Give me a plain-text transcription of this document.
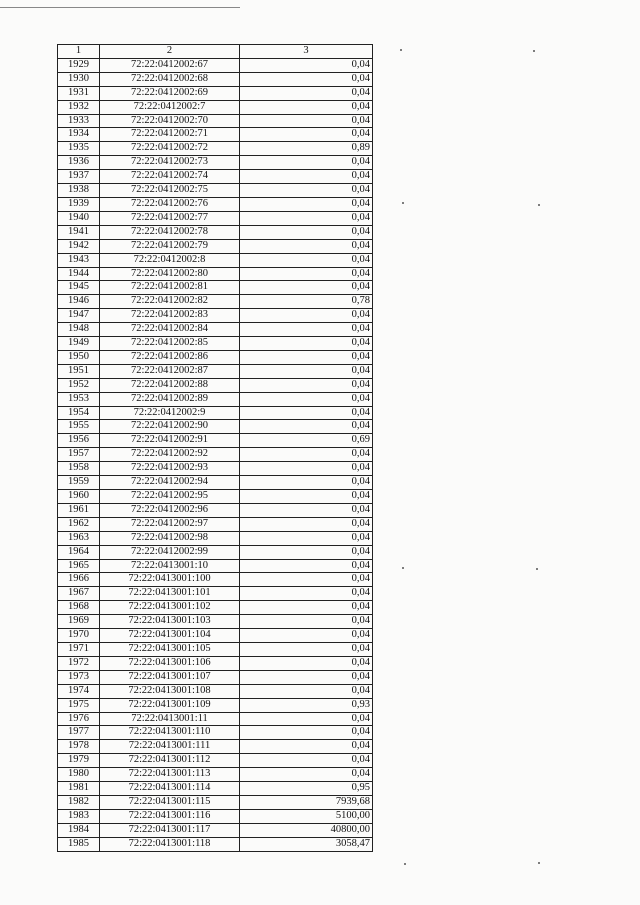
1	2	3
1929	72:22:0412002:67	0,04
1930	72:22:0412002:68	0,04
1931	72:22:0412002:69	0,04
1932	72:22:0412002:7	0,04
1933	72:22:0412002:70	0,04
1934	72:22:0412002:71	0,04
1935	72:22:0412002:72	0,89
1936	72:22:0412002:73	0,04
1937	72:22:0412002:74	0,04
1938	72:22:0412002:75	0,04
1939	72:22:0412002:76	0,04
1940	72:22:0412002:77	0,04
1941	72:22:0412002:78	0,04
1942	72:22:0412002:79	0,04
1943	72:22:0412002:8	0,04
1944	72:22:0412002:80	0,04
1945	72:22:0412002:81	0,04
1946	72:22:0412002:82	0,78
1947	72:22:0412002:83	0,04
1948	72:22:0412002:84	0,04
1949	72:22:0412002:85	0,04
1950	72:22:0412002:86	0,04
1951	72:22:0412002:87	0,04
1952	72:22:0412002:88	0,04
1953	72:22:0412002:89	0,04
1954	72:22:0412002:9	0,04
1955	72:22:0412002:90	0,04
1956	72:22:0412002:91	0,69
1957	72:22:0412002:92	0,04
1958	72:22:0412002:93	0,04
1959	72:22:0412002:94	0,04
1960	72:22:0412002:95	0,04
1961	72:22:0412002:96	0,04
1962	72:22:0412002:97	0,04
1963	72:22:0412002:98	0,04
1964	72:22:0412002:99	0,04
1965	72:22:0413001:10	0,04
1966	72:22:0413001:100	0,04
1967	72:22:0413001:101	0,04
1968	72:22:0413001:102	0,04
1969	72:22:0413001:103	0,04
1970	72:22:0413001:104	0,04
1971	72:22:0413001:105	0,04
1972	72:22:0413001:106	0,04
1973	72:22:0413001:107	0,04
1974	72:22:0413001:108	0,04
1975	72:22:0413001:109	0,93
1976	72:22:0413001:11	0,04
1977	72:22:0413001:110	0,04
1978	72:22:0413001:111	0,04
1979	72:22:0413001:112	0,04
1980	72:22:0413001:113	0,04
1981	72:22:0413001:114	0,95
1982	72:22:0413001:115	7939,68
1983	72:22:0413001:116	5100,00
1984	72:22:0413001:117	40800,00
1985	72:22:0413001:118	3058,47
